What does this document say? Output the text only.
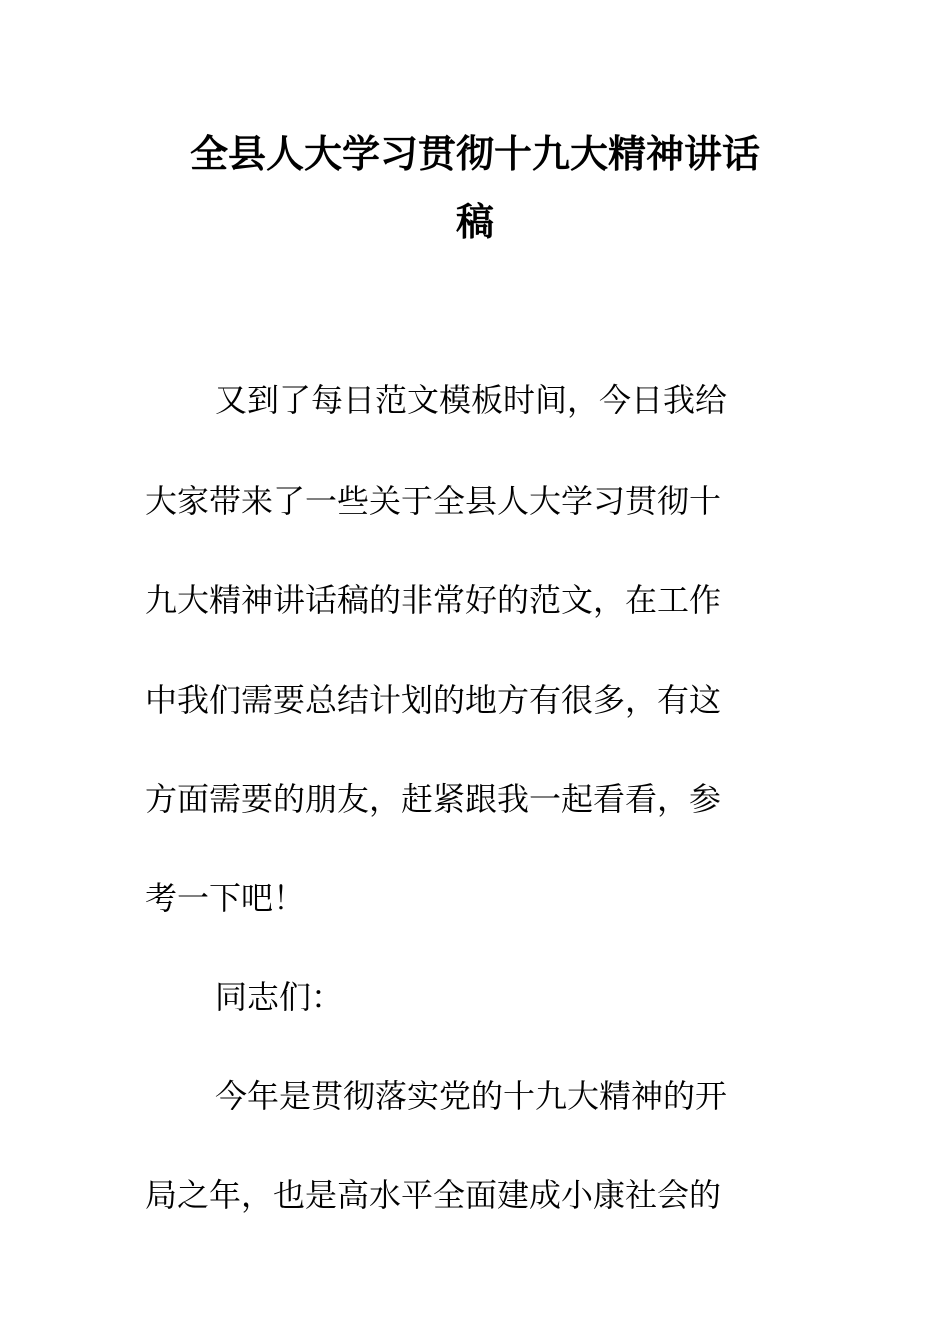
全县人大学习贯彻十九大精神讲话
稿

又到了每日范文模板时间，今日我给

大家带来了一些关于全县人大学习贯彻十

九大精神讲话稿的非常好的范文，在工作

中我们需要总结计划的地方有很多，有这

方面需要的朋友，赶紧跟我一起看看，参

考一下吧！

同志们：

今年是贯彻落实党的十九大精神的开

局之年，也是高水平全面建成小康社会的
